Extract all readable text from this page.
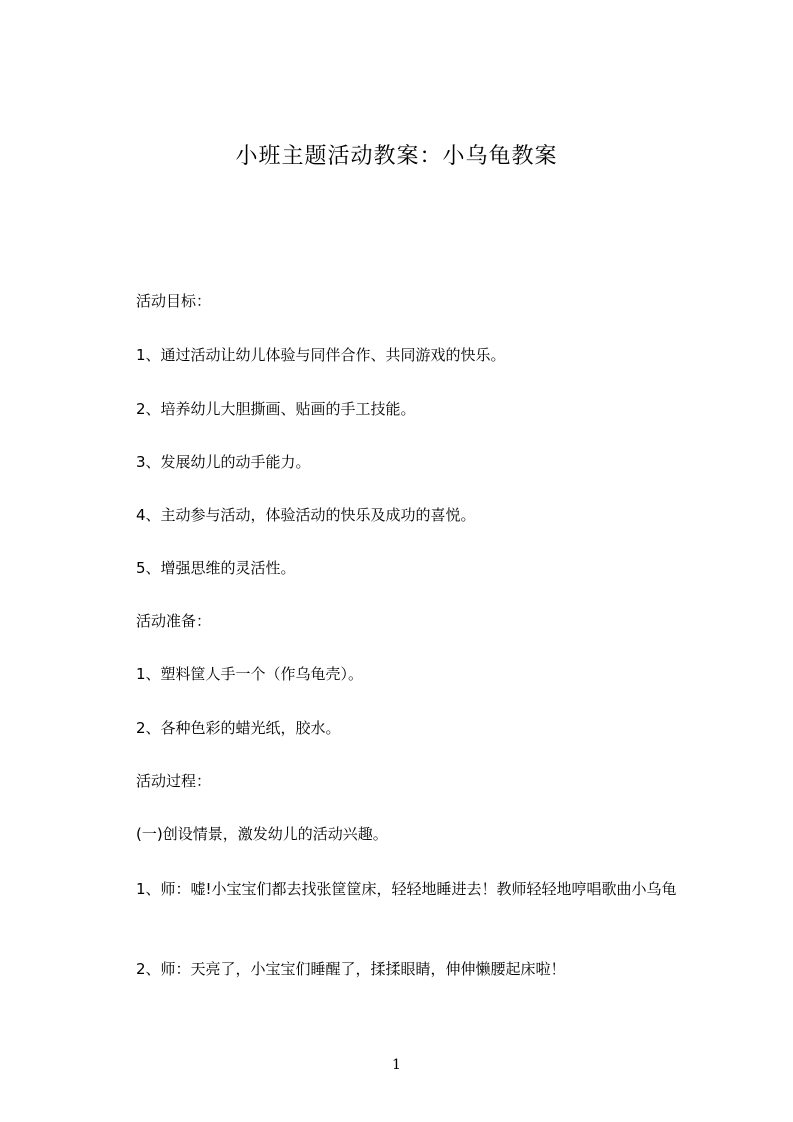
小班主题活动教案：小乌龟教案
活动目标：
1、通过活动让幼儿体验与同伴合作、共同游戏的快乐。
2、培养幼儿大胆撕画、贴画的手工技能。
3、发展幼儿的动手能力。
4、主动参与活动，体验活动的快乐及成功的喜悦。
5、增强思维的灵活性。
活动准备：
1、塑料筐人手一个（作乌龟壳）。
2、各种色彩的蜡光纸，胶水。
活动过程：
(一)创设情景，激发幼儿的活动兴趣。
1、师：嘘!小宝宝们都去找张筐筐床，轻轻地睡进去！教师轻轻地哼唱歌曲小乌龟
2、师：天亮了，小宝宝们睡醒了，揉揉眼睛，伸伸懒腰起床啦！
1
